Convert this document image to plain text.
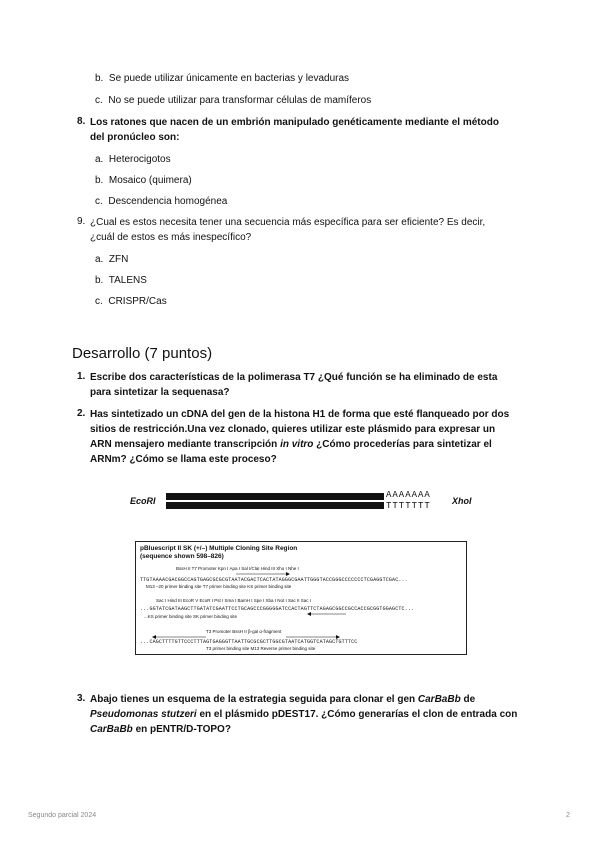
b. Se puede utilizar únicamente en bacterias y levaduras
c. No se puede utilizar para transformar células de mamíferos
8. Los ratones que nacen de un embrión manipulado genéticamente mediante el método
del pronúcleo son:
a. Heterocigotos
b. Mosaico (quimera)
c. Descendencia homogénea
9. ¿Cual es estos necesita tener una secuencia más específica para ser eficiente? Es decir,
¿cuál de estos es más inespecífico?
a. ZFN
b. TALENS
c. CRISPR/Cas
Desarrollo (7 puntos)
1. Escribe dos características de la polimerasa T7 ¿Qué función se ha eliminado de esta
para sintetizar la sequenasa?
2. Has sintetizado un cDNA del gen de la histona H1 de forma que esté flanqueado por dos
sitios de restricción.Una vez clonado, quieres utilizar este plásmido para expresar un
ARN mensajero mediante transcripción in vitro ¿Cómo procederías para sintetizar el
ARNm? ¿Cómo se llama este proceso?
EcoRI
AAAAAAA
TTTTTTT XhoI
pBluescript II SK (+/–) Multiple Cloning Site Region
(sequence shown 598–826)
BssH II T7 Promoter Kpn I Apa I Sal I/ClaI Hind III Xho I Nhe I
TTGTAAAACGACGGCCAGTGAGCGCGCGTAATACGACTCACTATAGGGCGAATTGGGTACCGGGCCCCCCCTCGAGGTCGAC...
M13 –20 primer binding site T7 primer binding site KS primer binding site
Sac I Hind III EcoR V EcoR I Pst I Sma I BamH I Spe I Xba I Not I Sac II Sac I
...GGTATCGATAAGCTTGATATCGAATTCCTGCAGCCCGGGGGATCCACTAGTTCTAGAGCGGCCGCCACCGCGGTGGAGCTC...
...KS primer binding site SK primer binding site
T3 Promoter BssH II β-gal α-fragment
...CAGCTTTTGTTCCCTTTAGTGAGGGTTAATTGCGCGCTTGGCGTAATCATGGTCATAGCTGTTTCC
T3 primer binding site M13 Reverse primer binding site
3. Abajo tienes un esquema de la estrategia seguida para clonar el gen CarBaBb de
Pseudomonas stutzeri en el plásmido pDEST17. ¿Cómo generarías el clon de entrada con
CarBaBb en pENTR/D-TOPO?
Segundo parcial 2024	2
